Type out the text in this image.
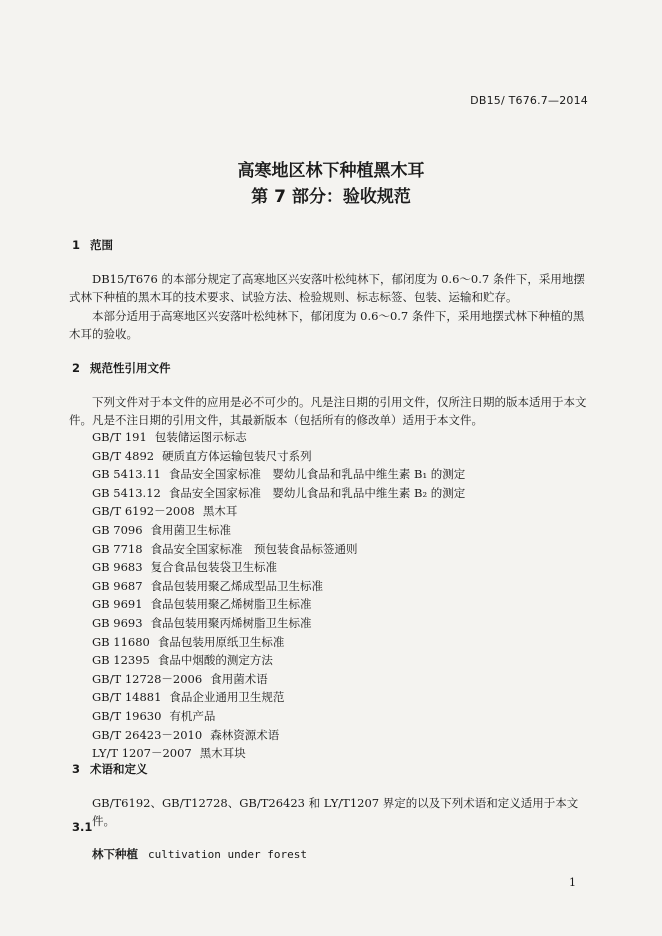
DB15/ T676.7—2014
高寒地区林下种植黑木耳
第 7 部分：验收规范
1 范围
DB15/T676 的本部分规定了高寒地区兴安落叶松纯林下，郁闭度为 0.6～0.7 条件下，采用地摆式林下种植的黑木耳的技术要求、试验方法、检验规则、标志标签、包装、运输和贮存。
本部分适用于高寒地区兴安落叶松纯林下，郁闭度为 0.6～0.7 条件下，采用地摆式林下种植的黑木耳的验收。
2 规范性引用文件
下列文件对于本文件的应用是必不可少的。凡是注日期的引用文件，仅所注日期的版本适用于本文件。凡是不注日期的引用文件，其最新版本（包括所有的修改单）适用于本文件。
GB/T 191 包装储运图示标志
GB/T 4892 硬质直方体运输包装尺寸系列
GB 5413.11 食品安全国家标准　婴幼儿食品和乳品中维生素 B₁ 的测定
GB 5413.12 食品安全国家标准　婴幼儿食品和乳品中维生素 B₂ 的测定
GB/T 6192－2008 黑木耳
GB 7096 食用菌卫生标准
GB 7718 食品安全国家标准　预包装食品标签通则
GB 9683 复合食品包装袋卫生标准
GB 9687 食品包装用聚乙烯成型品卫生标准
GB 9691 食品包装用聚乙烯树脂卫生标准
GB 9693 食品包装用聚丙烯树脂卫生标准
GB 11680 食品包装用原纸卫生标准
GB 12395 食品中烟酸的测定方法
GB/T 12728－2006 食用菌术语
GB/T 14881 食品企业通用卫生规范
GB/T 19630 有机产品
GB/T 26423－2010 森林资源术语
LY/T 1207－2007 黑木耳块
3 术语和定义
GB/T6192、GB/T12728、GB/T26423 和 LY/T1207 界定的以及下列术语和定义适用于本文件。
3.1
林下种植 cultivation under forest
1
